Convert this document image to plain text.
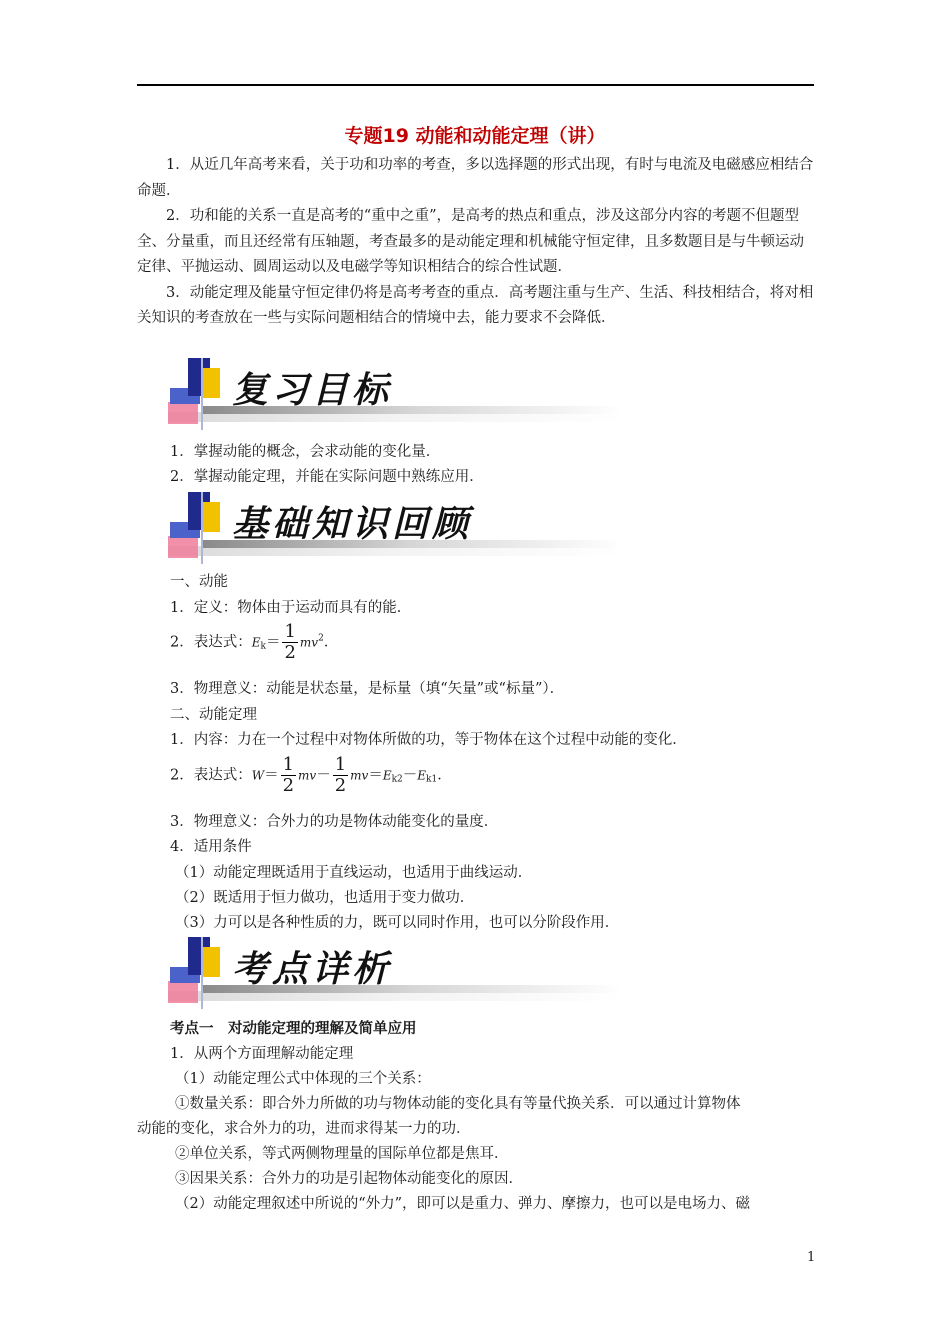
专题19 动能和动能定理（讲）

1．从近几年高考来看，关于功和功率的考查，多以选择题的形式出现，有时与电流及电磁感应相结合命题．

2．功和能的关系一直是高考的“重中之重”，是高考的热点和重点，涉及这部分内容的考题不但题型全、分量重，而且还经常有压轴题，考查最多的是动能定理和机械能守恒定律，且多数题目是与牛顿运动定律、平抛运动、圆周运动以及电磁学等知识相结合的综合性试题．

3．动能定理及能量守恒定律仍将是高考考查的重点．高考题注重与生产、生活、科技相结合，将对相关知识的考查放在一些与实际问题相结合的情境中去，能力要求不会降低．

复习目标
1．掌握动能的概念，会求动能的变化量．
2．掌握动能定理，并能在实际问题中熟练应用．
基础知识回顾
一、动能
1．定义：物体由于运动而具有的能．
2．表达式：$E_k= \frac{1}{2} mv^2$．
3．物理意义：动能是状态量，是标量（填“矢量”或“标量”）．
二、动能定理
1．内容：力在一个过程中对物体所做的功，等于物体在这个过程中动能的变化．
2．表达式：$W= \frac{1}{2} mv- \frac{1}{2} mv=E_{k2}-E_{k1}$．
3．物理意义：合外力的功是物体动能变化的量度．
4．适用条件
（1）动能定理既适用于直线运动，也适用于曲线运动．
（2）既适用于恒力做功，也适用于变力做功．
（3）力可以是各种性质的力，既可以同时作用，也可以分阶段作用．
考点详析
考点一　对动能定理的理解及简单应用
1．从两个方面理解动能定理
（1）动能定理公式中体现的三个关系：
①数量关系：即合外力所做的功与物体动能的变化具有等量代换关系．可以通过计算物体
动能的变化，求合外力的功，进而求得某一力的功．
②单位关系，等式两侧物理量的国际单位都是焦耳．
③因果关系：合外力的功是引起物体动能变化的原因．
（2）动能定理叙述中所说的“外力”，即可以是重力、弹力、摩擦力，也可以是电场力、磁
1
